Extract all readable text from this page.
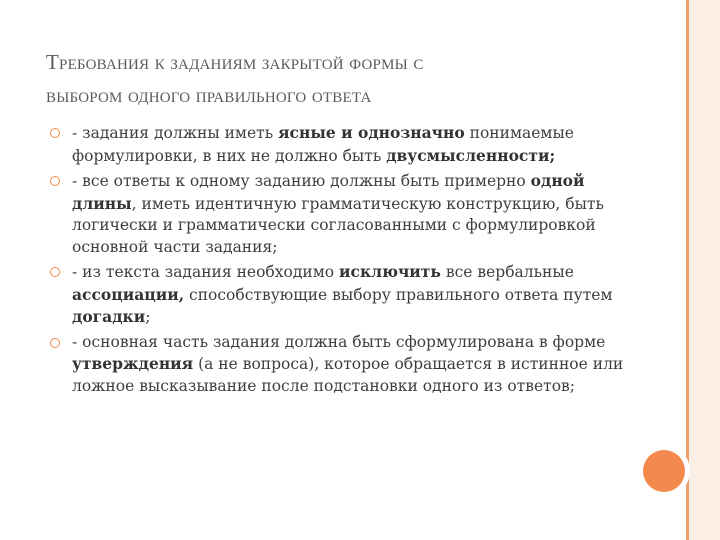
Требования к заданиям закрытой формы с
выбором одного правильного ответа
- задания должны иметь ясные и однозначно понимаемые формулировки, в них не должно быть двусмысленности;
- все ответы к одному заданию должны быть примерно одной длины, иметь идентичную грамматическую конструкцию, быть логически и грамматически согласованными с формулировкой основной части задания;
- из текста задания необходимо исключить все вербальные ассоциации, способствующие выбору правильного ответа путем догадки;
- основная часть задания должна быть сформулирована в форме утверждения (а не вопроса), которое обращается в истинное или ложное высказывание после подстановки одного из ответов;
